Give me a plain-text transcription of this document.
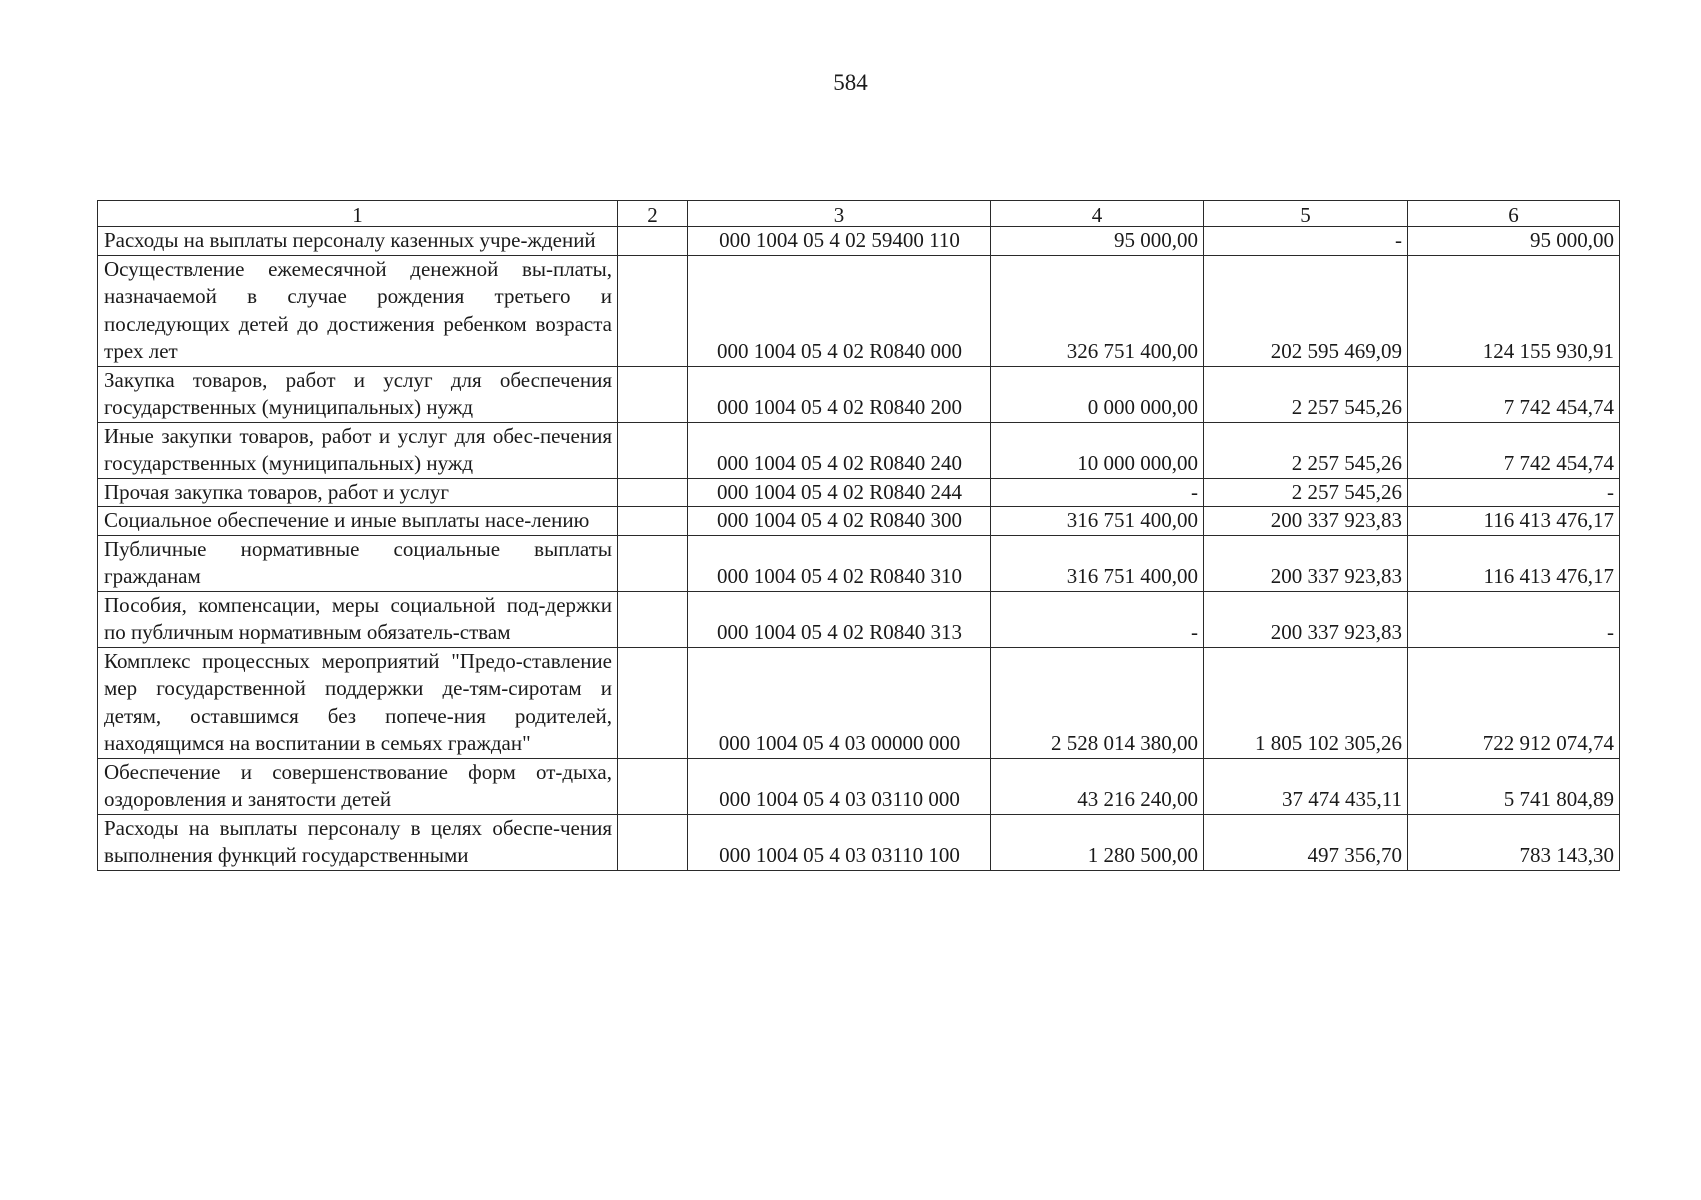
584
1	2	3	4	5	6
Расходы на выплаты персоналу казенных учре-ждений		000 1004 05 4 02 59400 110	95 000,00	-	95 000,00
Осуществление ежемесячной денежной вы-платы, назначаемой в случае рождения третьего и последующих детей до достижения ребенком возраста трех лет		000 1004 05 4 02 R0840 000	326 751 400,00	202 595 469,09	124 155 930,91
Закупка товаров, работ и услуг для обеспечения государственных (муниципальных) нужд		000 1004 05 4 02 R0840 200	0 000 000,00	2 257 545,26	7 742 454,74
Иные закупки товаров, работ и услуг для обес-печения государственных (муниципальных) нужд		000 1004 05 4 02 R0840 240	10 000 000,00	2 257 545,26	7 742 454,74
Прочая закупка товаров, работ и услуг		000 1004 05 4 02 R0840 244	-	2 257 545,26	-
Социальное обеспечение и иные выплаты насе-лению		000 1004 05 4 02 R0840 300	316 751 400,00	200 337 923,83	116 413 476,17
Публичные нормативные социальные выплаты гражданам		000 1004 05 4 02 R0840 310	316 751 400,00	200 337 923,83	116 413 476,17
Пособия, компенсации, меры социальной под-держки по публичным нормативным обязатель-ствам		000 1004 05 4 02 R0840 313	-	200 337 923,83	-
Комплекс процессных мероприятий "Предо-ставление мер государственной поддержки де-тям-сиротам и детям, оставшимся без попече-ния родителей, находящимся на воспитании в семьях граждан"		000 1004 05 4 03 00000 000	2 528 014 380,00	1 805 102 305,26	722 912 074,74
Обеспечение и совершенствование форм от-дыха, оздоровления и занятости детей		000 1004 05 4 03 03110 000	43 216 240,00	37 474 435,11	5 741 804,89
Расходы на выплаты персоналу в целях обеспе-чения выполнения функций государственными		000 1004 05 4 03 03110 100	1 280 500,00	497 356,70	783 143,30
